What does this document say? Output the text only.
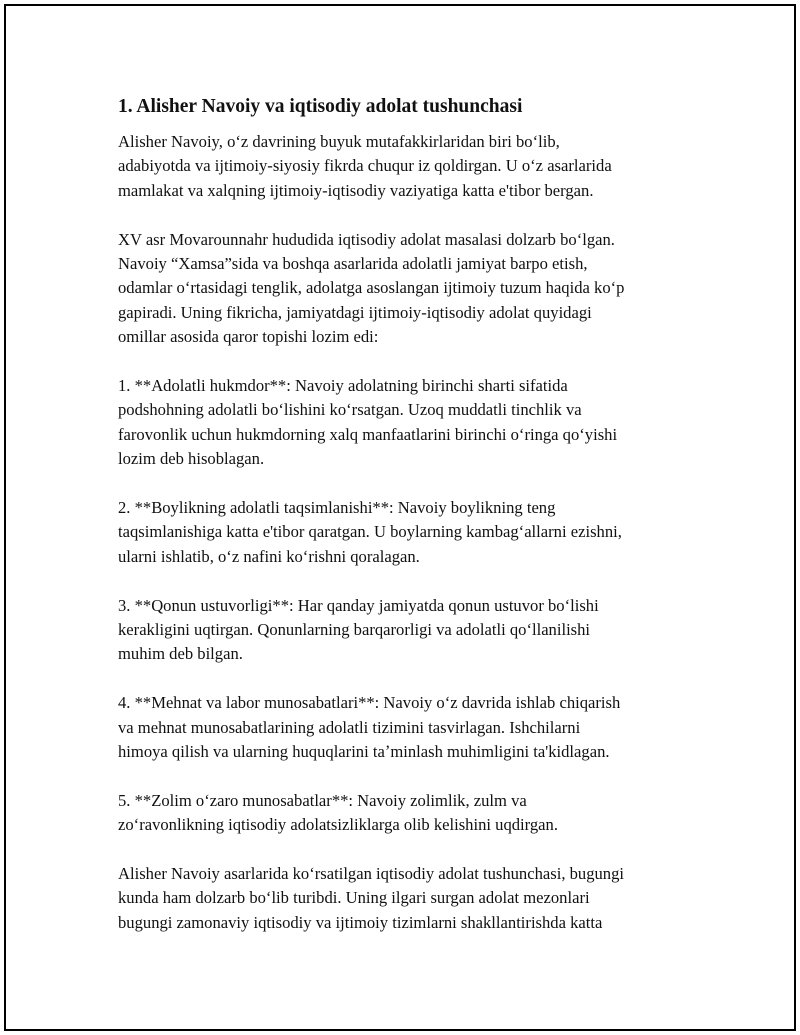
1. Alisher Navoiy va iqtisodiy adolat tushunchasi

Alisher Navoiy, oʻz davrining buyuk mutafakkirlaridan biri boʻlib,
adabiyotda va ijtimoiy-siyosiy fikrda chuqur iz qoldirgan. U oʻz asarlarida
mamlakat va xalqning ijtimoiy-iqtisodiy vaziyatiga katta e'tibor bergan.

XV asr Movarounnahr hududida iqtisodiy adolat masalasi dolzarb boʻlgan.
Navoiy “Xamsa”sida va boshqa asarlarida adolatli jamiyat barpo etish,
odamlar oʻrtasidagi tenglik, adolatga asoslangan ijtimoiy tuzum haqida koʻp
gapiradi. Uning fikricha, jamiyatdagi ijtimoiy-iqtisodiy adolat quyidagi
omillar asosida qaror topishi lozim edi:

1. **Adolatli hukmdor**: Navoiy adolatning birinchi sharti sifatida
podshohning adolatli boʻlishini koʻrsatgan. Uzoq muddatli tinchlik va
farovonlik uchun hukmdorning xalq manfaatlarini birinchi oʻringa qoʻyishi
lozim deb hisoblagan.

2. **Boylikning adolatli taqsimlanishi**: Navoiy boylikning teng
taqsimlanishiga katta e'tibor qaratgan. U boylarning kambagʻallarni ezishni,
ularni ishlatib, oʻz nafini koʻrishni qoralagan.

3. **Qonun ustuvorligi**: Har qanday jamiyatda qonun ustuvor boʻlishi
kerakligini uqtirgan. Qonunlarning barqarorligi va adolatli qoʻllanilishi
muhim deb bilgan.

4. **Mehnat va labor munosabatlari**: Navoiy oʻz davrida ishlab chiqarish
va mehnat munosabatlarining adolatli tizimini tasvirlagan. Ishchilarni
himoya qilish va ularning huquqlarini taʼminlash muhimligini ta'kidlagan.

5. **Zolim oʻzaro munosabatlar**: Navoiy zolimlik, zulm va
zoʻravonlikning iqtisodiy adolatsizliklarga olib kelishini uqdirgan.

Alisher Navoiy asarlarida koʻrsatilgan iqtisodiy adolat tushunchasi, bugungi
kunda ham dolzarb boʻlib turibdi. Uning ilgari surgan adolat mezonlari
bugungi zamonaviy iqtisodiy va ijtimoiy tizimlarni shakllantirishda katta
